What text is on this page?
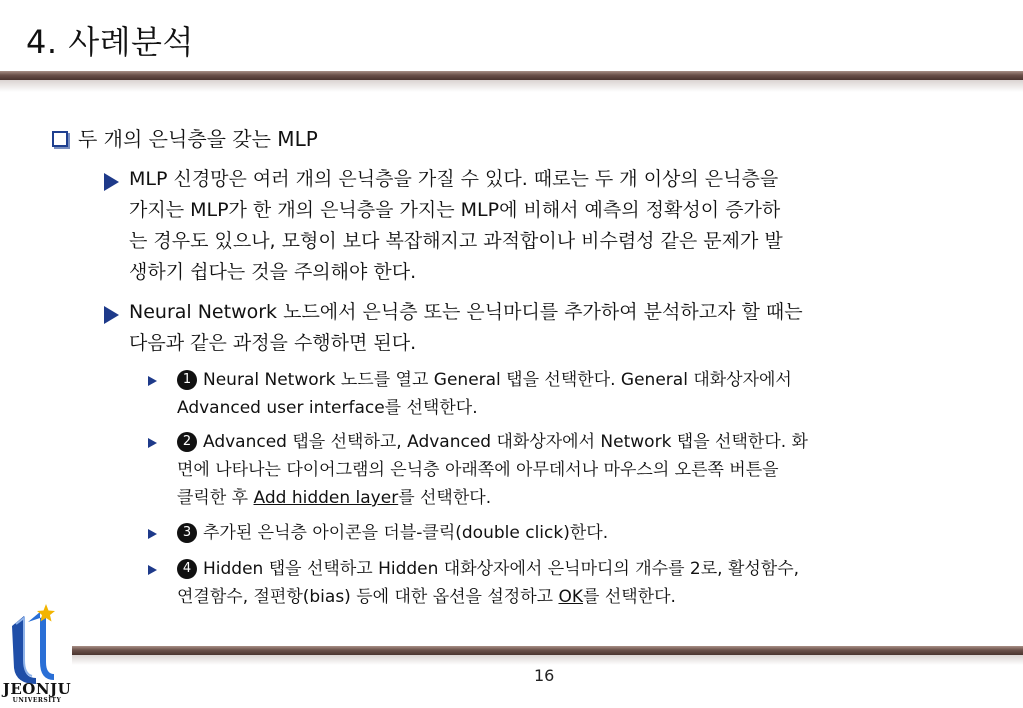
4. 사례분석
두 개의 은닉층을 갖는 MLP
MLP 신경망은 여러 개의 은닉층을 가질 수 있다. 때로는 두 개 이상의 은닉층을
가지는 MLP가 한 개의 은닉층을 가지는 MLP에 비해서 예측의 정확성이 증가하
는 경우도 있으나, 모형이 보다 복잡해지고 과적합이나 비수렴성 같은 문제가 발
생하기 쉽다는 것을 주의해야 한다.
Neural Network 노드에서 은닉층 또는 은닉마디를 추가하여 분석하고자 할 때는
다음과 같은 과정을 수행하면 된다.
1 Neural Network 노드를 열고 General 탭을 선택한다. General 대화상자에서
Advanced user interface를 선택한다.
2 Advanced 탭을 선택하고, Advanced 대화상자에서 Network 탭을 선택한다. 화
면에 나타나는 다이어그램의 은닉층 아래쪽에 아무데서나 마우스의 오른쪽 버튼을
클릭한 후 Add hidden layer를 선택한다.
3 추가된 은닉층 아이콘을 더블-클릭(double click)한다.
4 Hidden 탭을 선택하고 Hidden 대화상자에서 은닉마디의 개수를 2로, 활성함수,
연결함수, 절편항(bias) 등에 대한 옵션을 설정하고 OK를 선택한다.
16
JEONJU
UNIVERSITY
